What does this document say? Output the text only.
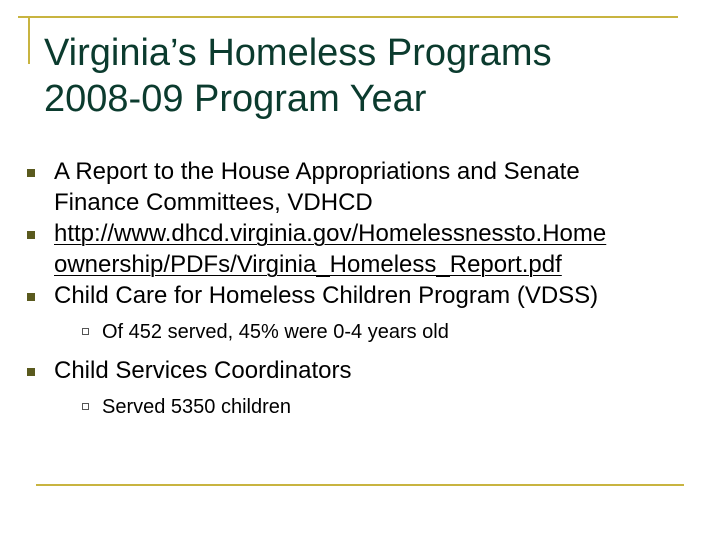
Virginia’s Homeless Programs
2008-09 Program Year
A Report to the House Appropriations and Senate
Finance Committees, VDHCD
http://www.dhcd.virginia.gov/Homelessnessto.Home
ownership/PDFs/Virginia_Homeless_Report.pdf
Child Care for Homeless Children Program (VDSS)
Of 452 served, 45% were 0-4 years old
Child Services Coordinators
Served 5350 children
